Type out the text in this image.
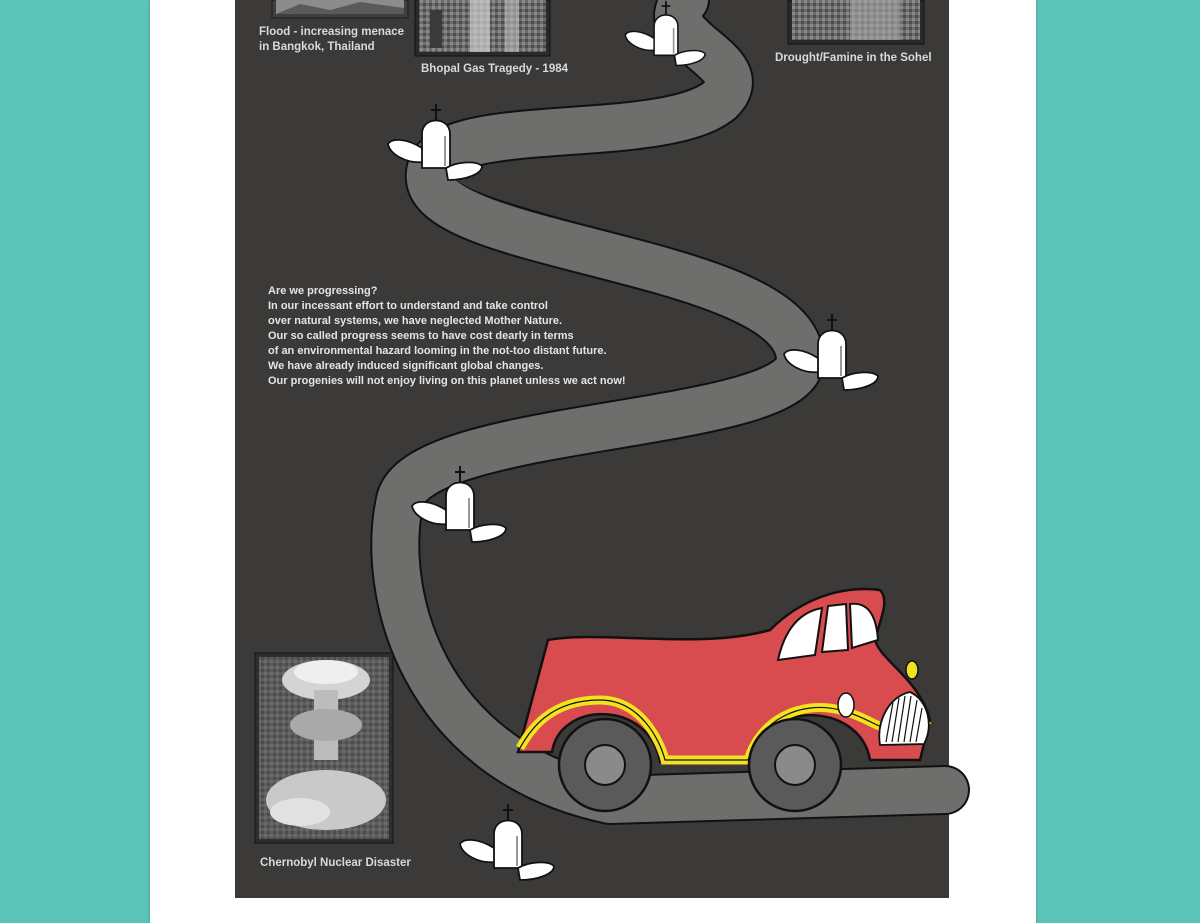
Flood - increasing menace
in Bangkok, Thailand
Bhopal Gas Tragedy - 1984
Drought/Famine in the Sohel
Chernobyl Nuclear Disaster
Are we progressing?
In our incessant effort to understand and take control
over natural systems, we have neglected Mother Nature.
Our so called progress seems to have cost dearly in terms
of an environmental hazard looming in the not-too distant future.
We have already induced significant global changes.
Our progenies will not enjoy living on this planet unless we act now!
